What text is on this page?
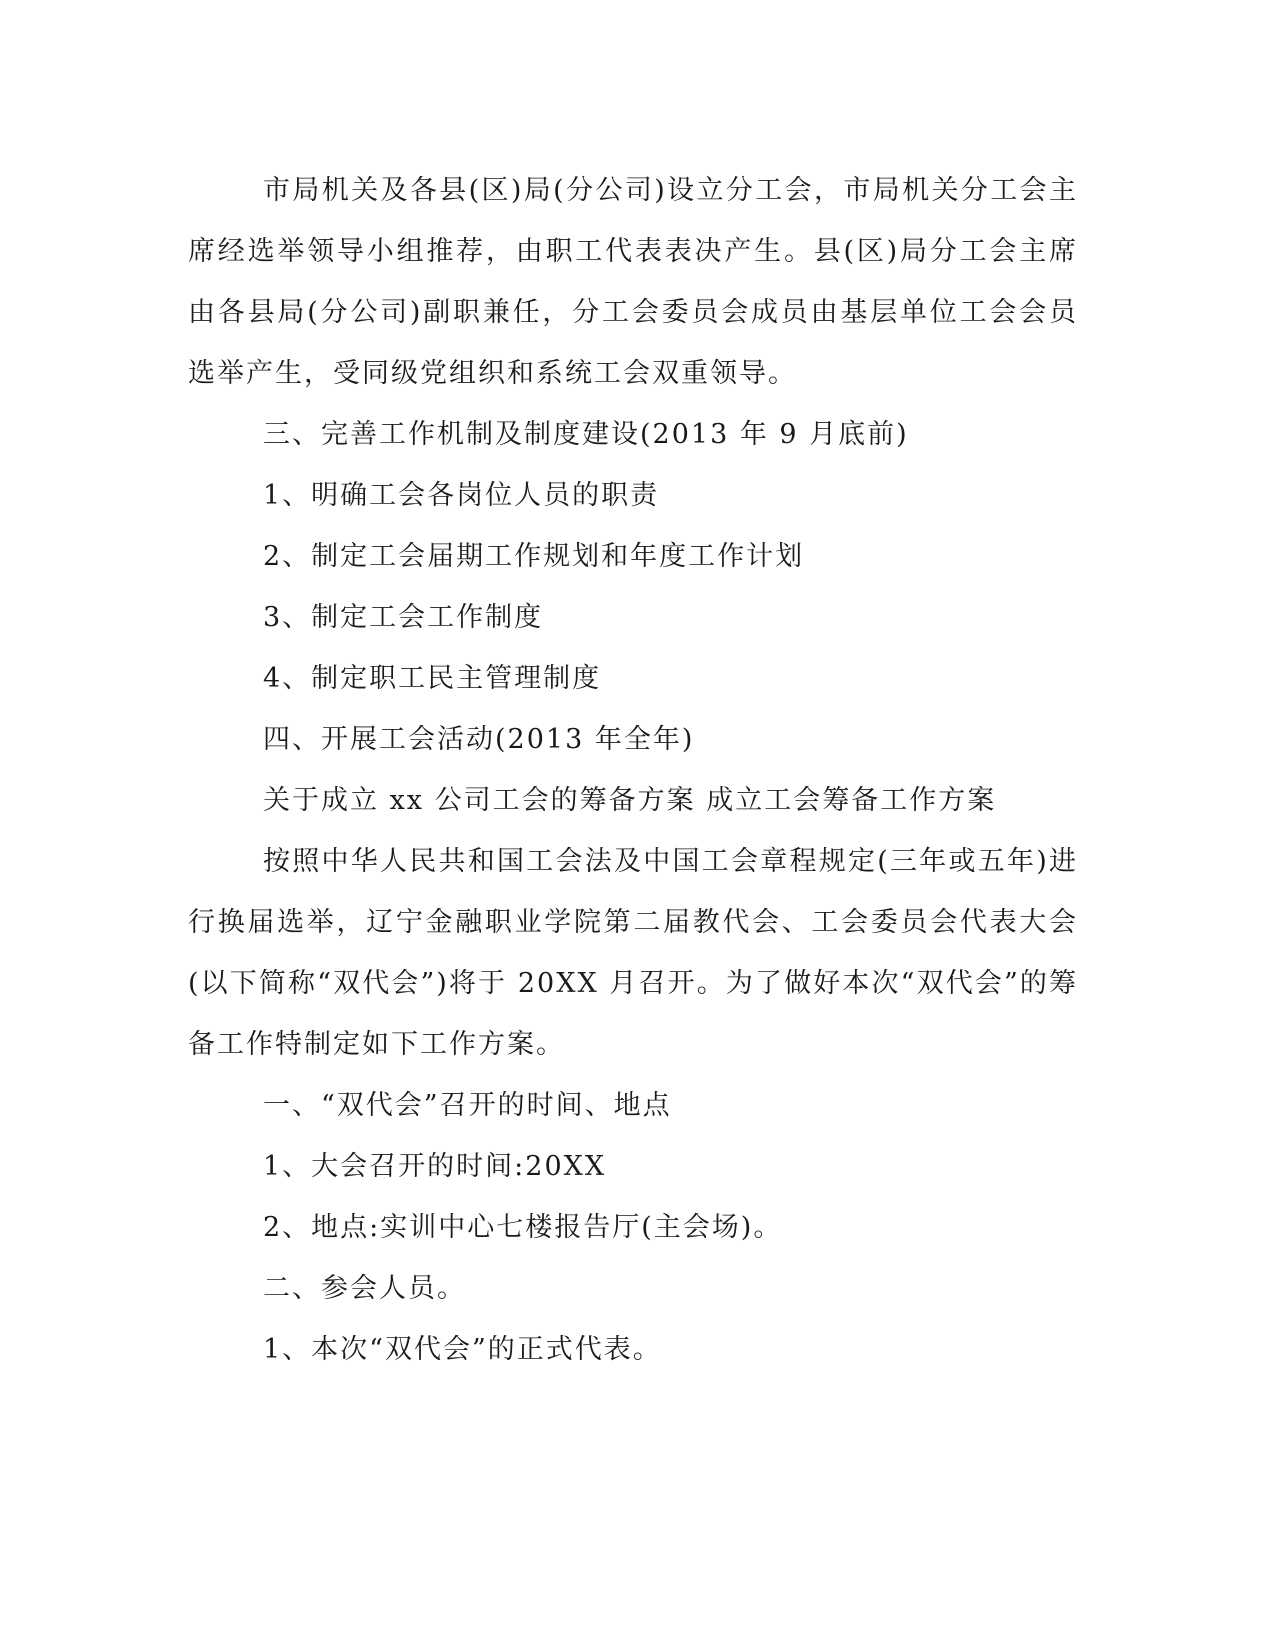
市局机关及各县(区)局(分公司)设立分工会，市局机关分工会主席经选举领导小组推荐，由职工代表表决产生。县(区)局分工会主席由各县局(分公司)副职兼任，分工会委员会成员由基层单位工会会员选举产生，受同级党组织和系统工会双重领导。

三、完善工作机制及制度建设(2013 年 9 月底前)

1、明确工会各岗位人员的职责

2、制定工会届期工作规划和年度工作计划

3、制定工会工作制度

4、制定职工民主管理制度

四、开展工会活动(2013 年全年)

关于成立 xx 公司工会的筹备方案 成立工会筹备工作方案

按照中华人民共和国工会法及中国工会章程规定(三年或五年)进行换届选举，辽宁金融职业学院第二届教代会、工会委员会代表大会(以下简称“双代会”)将于 20XX 月召开。为了做好本次“双代会”的筹备工作特制定如下工作方案。

一、“双代会”召开的时间、地点

1、大会召开的时间:20XX

2、地点:实训中心七楼报告厅(主会场)。

二、参会人员。

1、本次“双代会”的正式代表。
